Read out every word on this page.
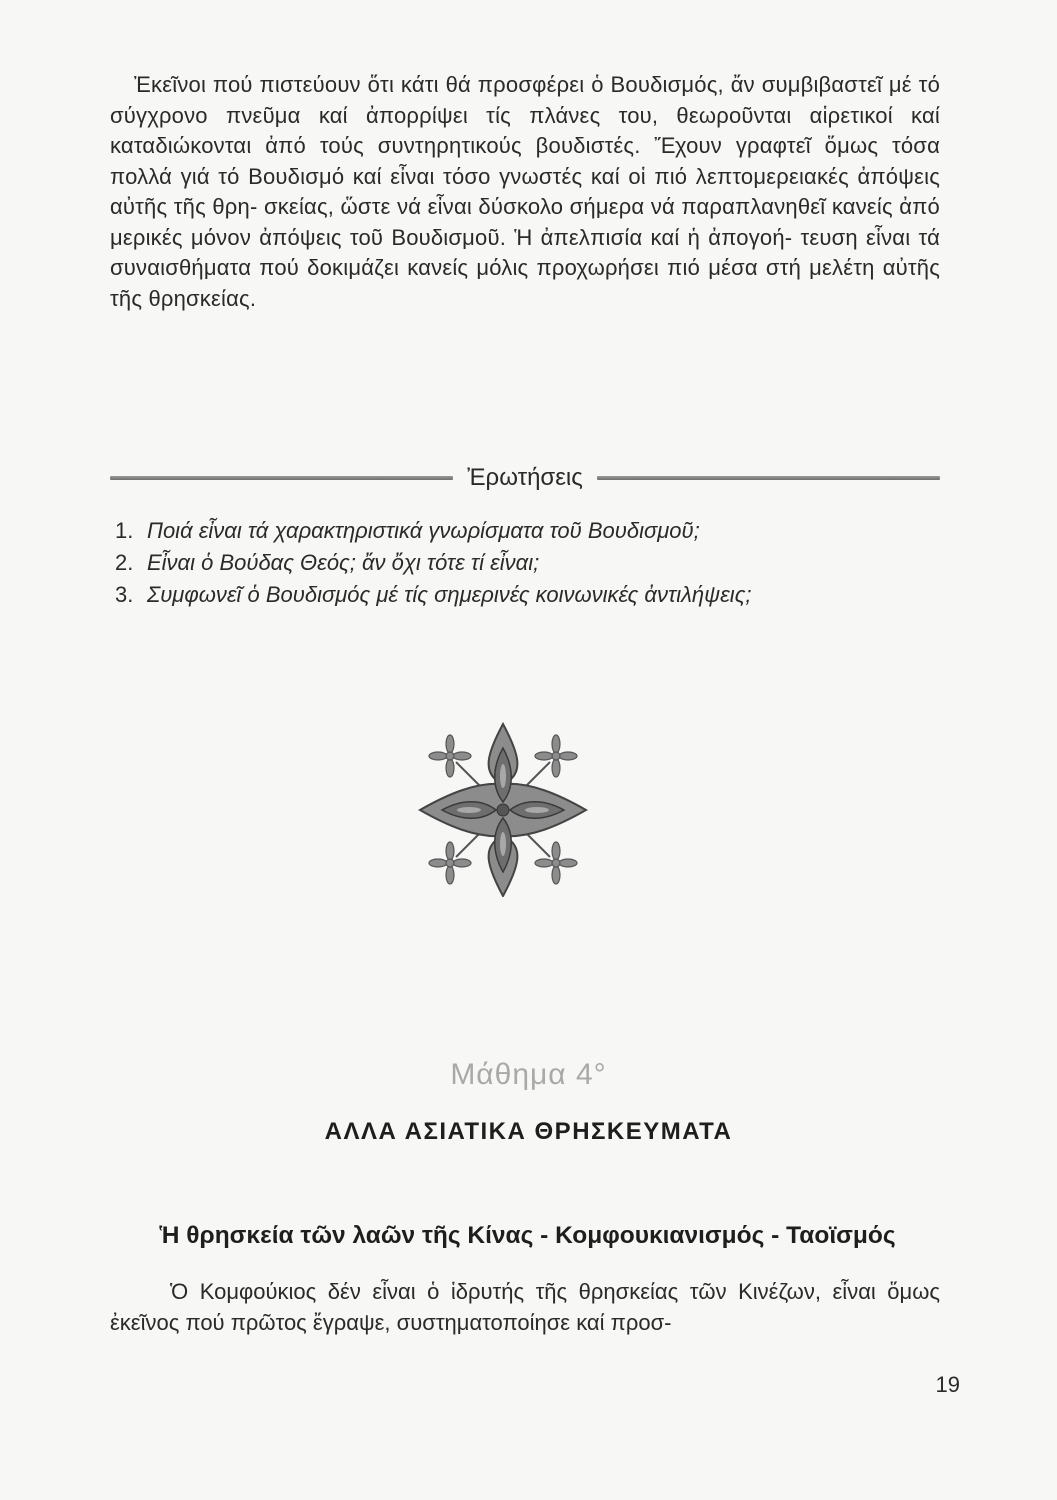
Ἐκεῖνοι πού πιστεύουν ὅτι κάτι θά προσφέρει ὁ Βουδισμός, ἄν συμβιβαστεῖ μέ τό σύγχρονο πνεῦμα καί ἀπορρίψει τίς πλάνες του, θεωροῦνται αἱρετικοί καί καταδιώκονται ἀπό τούς συντηρητικούς βουδιστές. Ἔχουν γραφτεῖ ὅμως τόσα πολλά γιά τό Βουδισμό καί εἶναι τόσο γνωστές καί οἱ πιό λεπτομερειακές ἀπόψεις αὐτῆς τῆς θρη- σκείας, ὥστε νά εἶναι δύσκολο σήμερα νά παραπλανηθεῖ κανείς ἀπό μερικές μόνον ἀπόψεις τοῦ Βουδισμοῦ. Ἡ ἀπελπισία καί ἡ ἀπογοή- τευση εἶναι τά συναισθήματα πού δοκιμάζει κανείς μόλις προχωρήσει πιό μέσα στή μελέτη αὐτῆς τῆς θρησκείας.

Ἐρωτήσεις
1. Ποιά εἶναι τά χαρακτηριστικά γνωρίσματα τοῦ Βουδισμοῦ;
2. Εἶναι ὁ Βούδας Θεός; ἄν ὄχι τότε τί εἶναι;
3. Συμφωνεῖ ὁ Βουδισμός μέ τίς σημερινές κοινωνικές ἀντιλήψεις;
Μάθημα 4°
ΑΛΛΑ ΑΣΙΑΤΙΚΑ ΘΡΗΣΚΕΥΜΑΤΑ
Ἡ θρησκεία τῶν λαῶν τῆς Κίνας - Κομφουκιανισμός - Ταοϊσμός

Ὁ Κομφούκιος δέν εἶναι ὁ ἱδρυτής τῆς θρησκείας τῶν Κινέζων, εἶναι ὅμως ἐκεῖνος πού πρῶτος ἔγραψε, συστηματοποίησε καί προσ-

19
